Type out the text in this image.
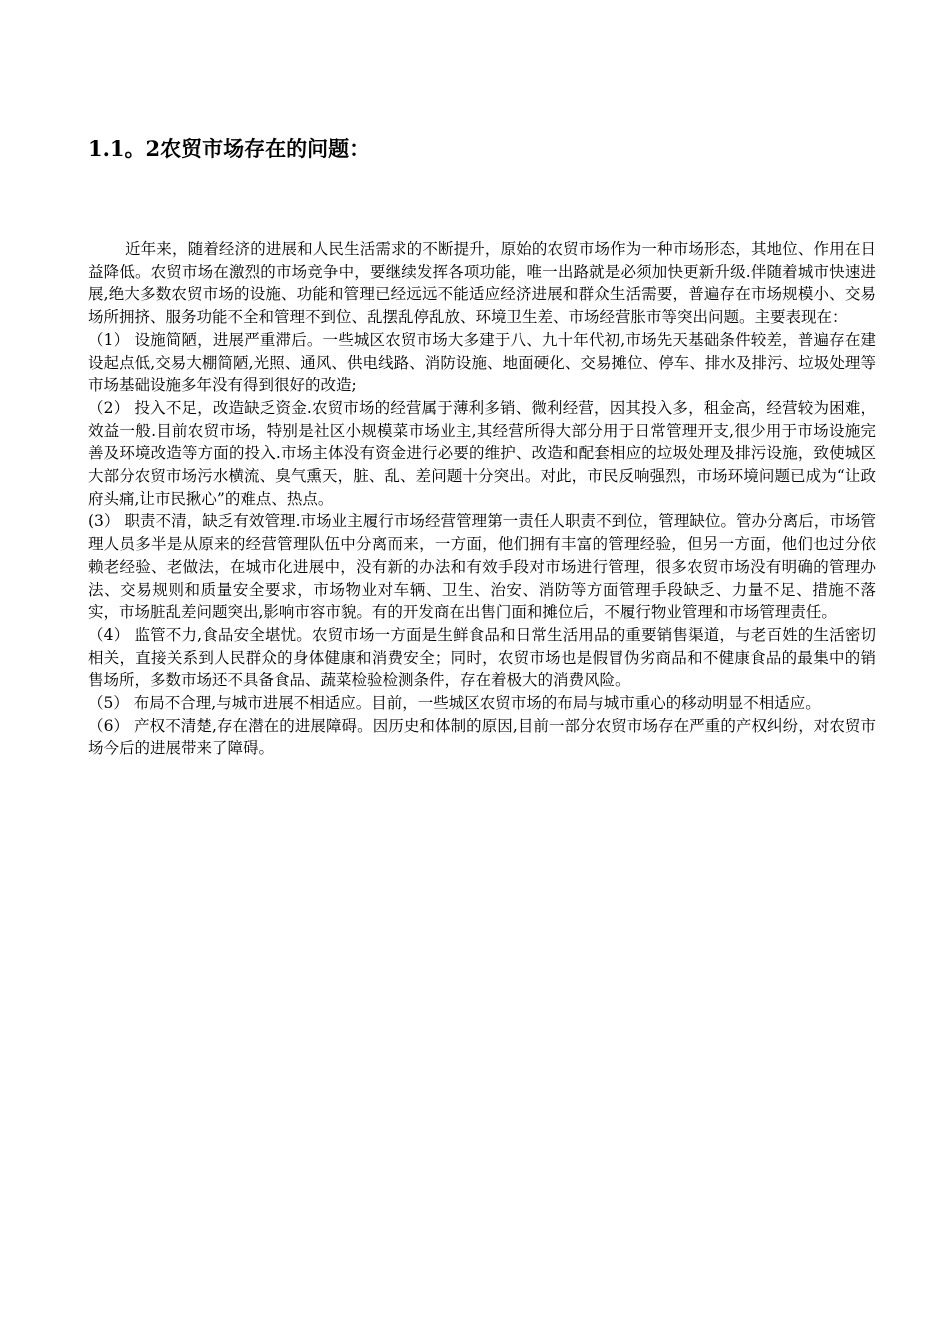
1.1。2农贸市场存在的问题：

近年来，随着经济的进展和人民生活需求的不断提升，原始的农贸市场作为一种市场形态，其地位、作用在日益降低。农贸市场在激烈的市场竞争中，要继续发挥各项功能，唯一出路就是必须加快更新升级.伴随着城市快速进展,绝大多数农贸市场的设施、功能和管理已经远远不能适应经济进展和群众生活需要，普遍存在市场规模小、交易场所拥挤、服务功能不全和管理不到位、乱摆乱停乱放、环境卫生差、市场经营胀市等突出问题。主要表现在：

（1） 设施简陋，进展严重滞后。一些城区农贸市场大多建于八、九十年代初,市场先天基础条件较差，普遍存在建设起点低,交易大棚简陋,光照、通风、供电线路、消防设施、地面硬化、交易摊位、停车、排水及排污、垃圾处理等市场基础设施多年没有得到很好的改造;

（2） 投入不足，改造缺乏资金.农贸市场的经营属于薄利多销、微利经营，因其投入多，租金高，经营较为困难，效益一般.目前农贸市场，特别是社区小规模菜市场业主,其经营所得大部分用于日常管理开支,很少用于市场设施完善及环境改造等方面的投入.市场主体没有资金进行必要的维护、改造和配套相应的垃圾处理及排污设施，致使城区大部分农贸市场污水横流、臭气熏天，脏、乱、差问题十分突出。对此，市民反响强烈，市场环境问题已成为“让政府头痛,让市民揪心”的难点、热点。

(3） 职责不清，缺乏有效管理.市场业主履行市场经营管理第一责任人职责不到位，管理缺位。管办分离后，市场管理人员多半是从原来的经营管理队伍中分离而来，一方面，他们拥有丰富的管理经验，但另一方面，他们也过分依赖老经验、老做法，在城市化进展中，没有新的办法和有效手段对市场进行管理，很多农贸市场没有明确的管理办法、交易规则和质量安全要求，市场物业对车辆、卫生、治安、消防等方面管理手段缺乏、力量不足、措施不落实，市场脏乱差问题突出,影响市容市貌。有的开发商在出售门面和摊位后，不履行物业管理和市场管理责任。

（4） 监管不力,食品安全堪忧。农贸市场一方面是生鲜食品和日常生活用品的重要销售渠道，与老百姓的生活密切相关，直接关系到人民群众的身体健康和消费安全；同时，农贸市场也是假冒伪劣商品和不健康食品的最集中的销售场所，多数市场还不具备食品、蔬菜检验检测条件，存在着极大的消费风险。

（5） 布局不合理,与城市进展不相适应。目前，一些城区农贸市场的布局与城市重心的移动明显不相适应。

（6） 产权不清楚,存在潜在的进展障碍。因历史和体制的原因,目前一部分农贸市场存在严重的产权纠纷，对农贸市场今后的进展带来了障碍。
